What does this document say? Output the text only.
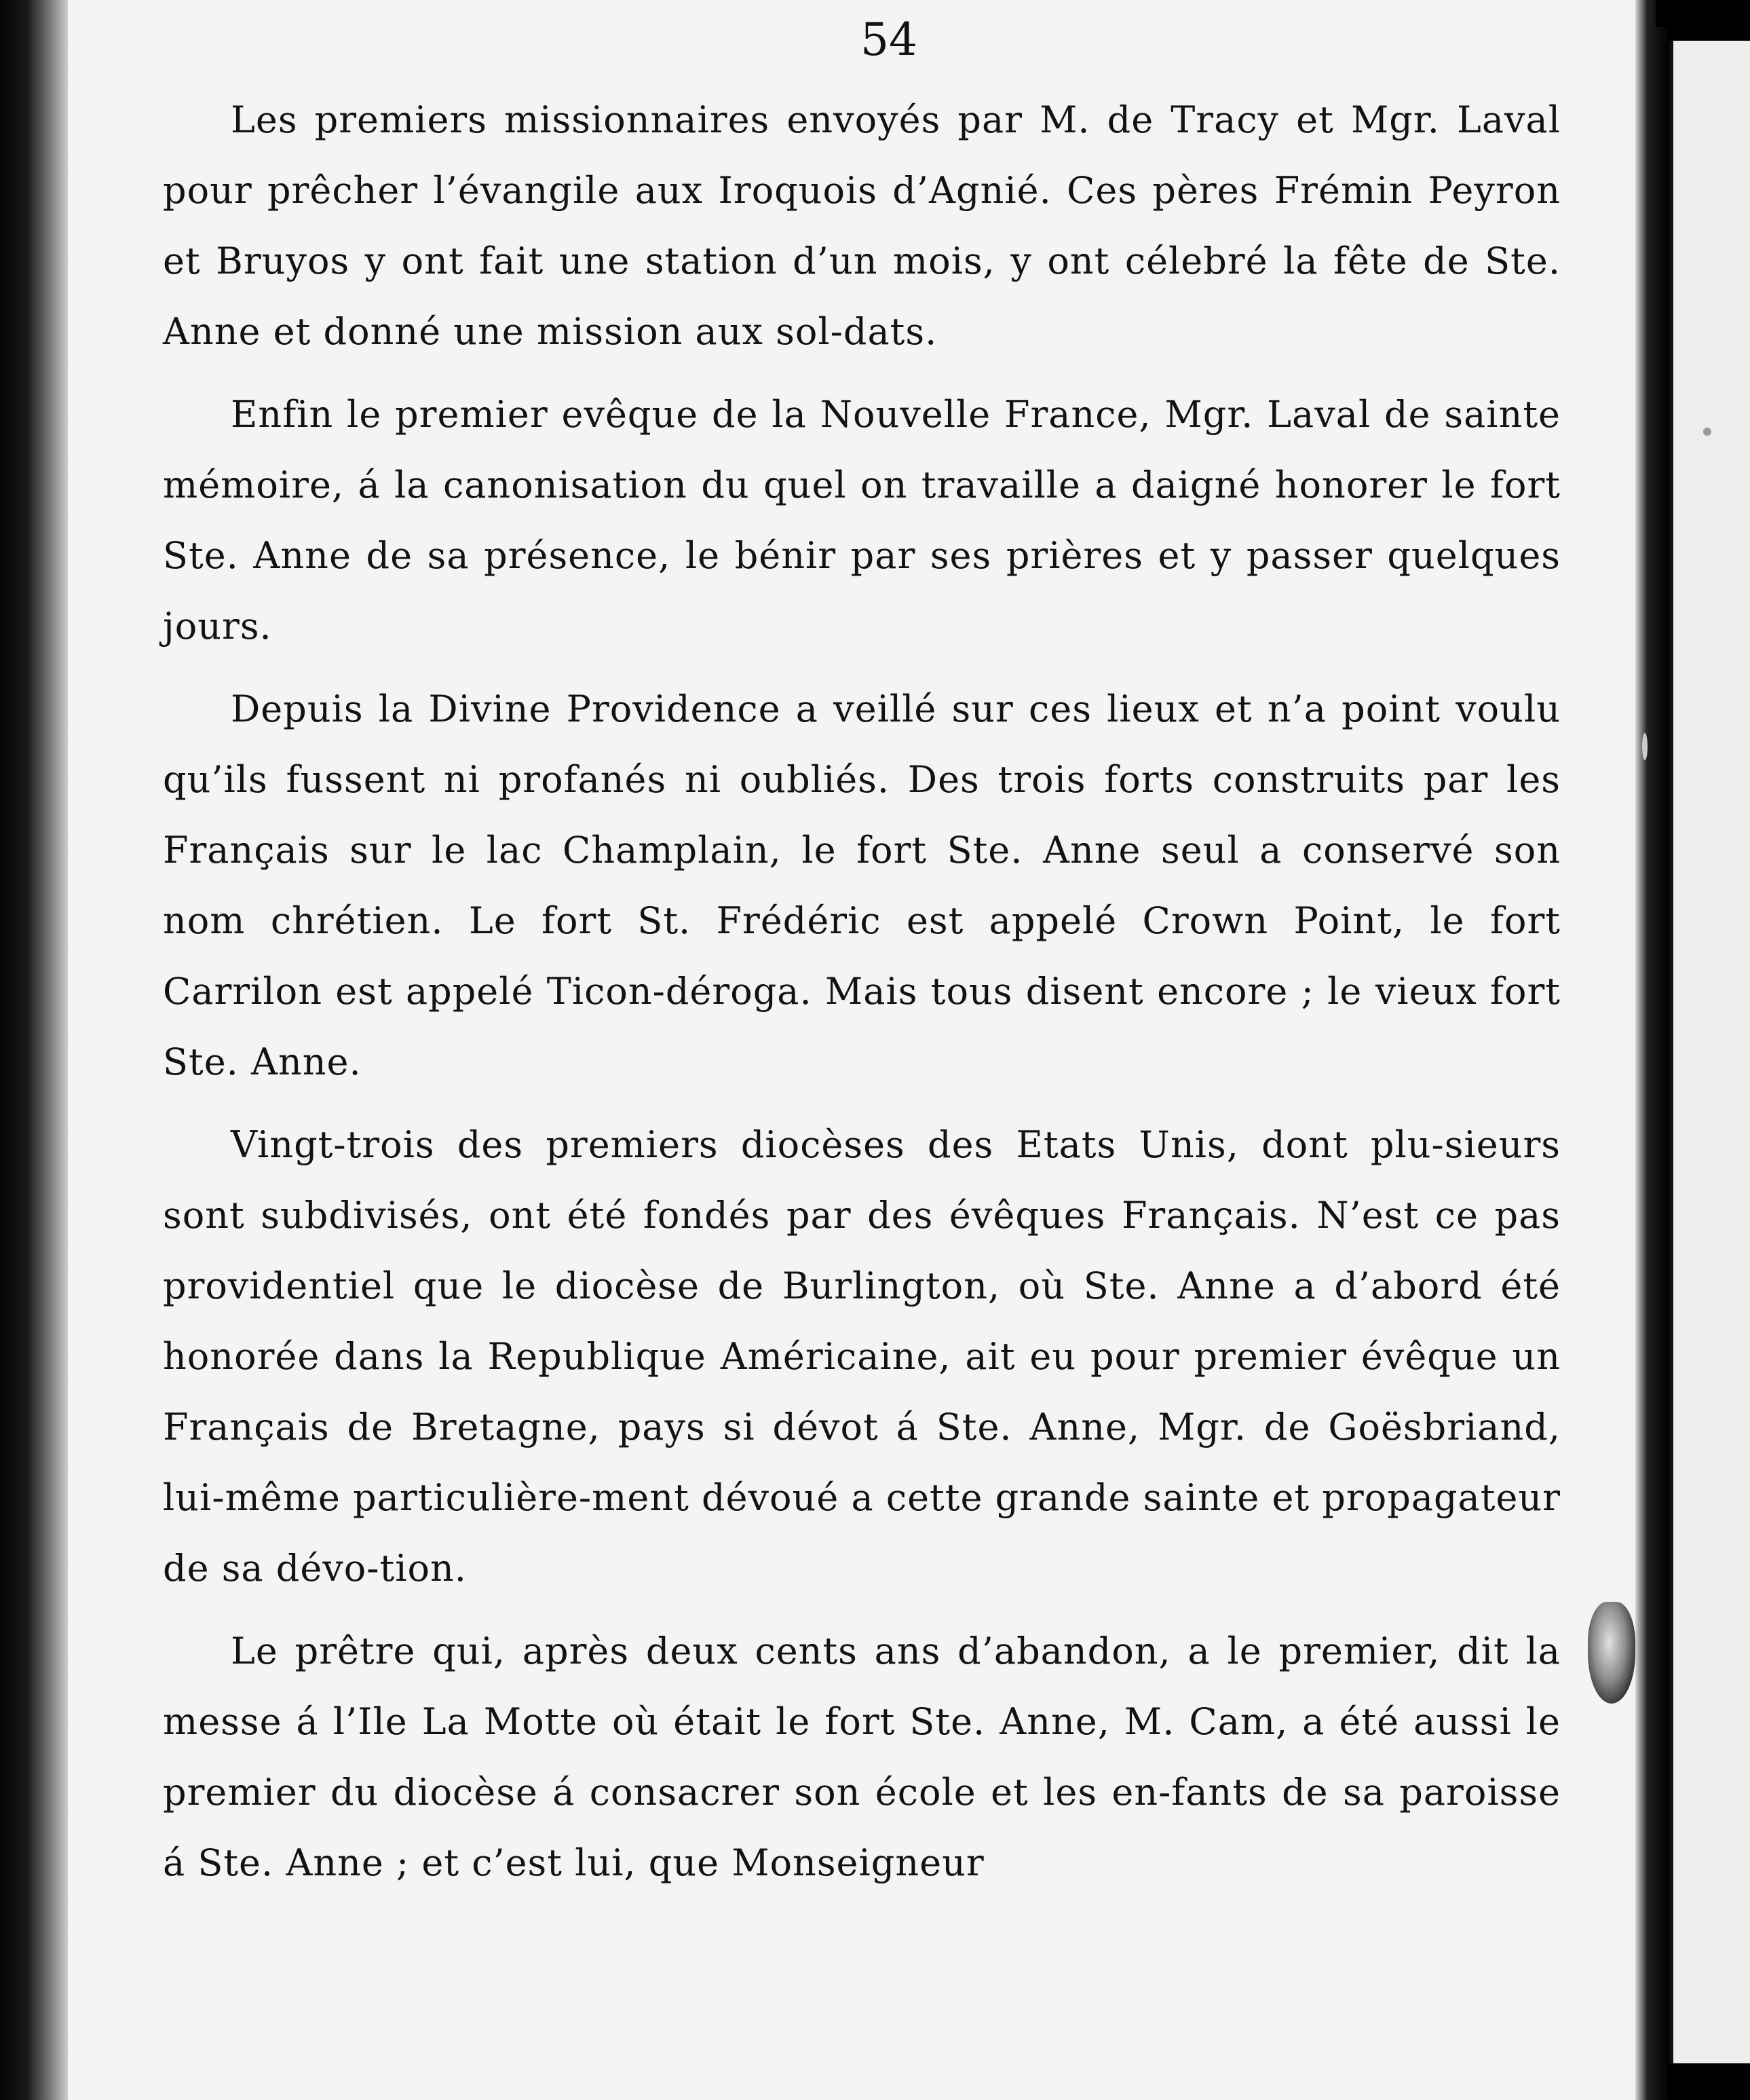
54

Les premiers missionnaires envoyés par M. de Tracy et Mgr. Laval pour prêcher l’évangile aux Iroquois d’Agnié. Ces pères Frémin Peyron et Bruyos y ont fait une station d’un mois, y ont célebré la fête de Ste. Anne et donné une mission aux sol-dats.

Enfin le premier evêque de la Nouvelle France, Mgr. Laval de sainte mémoire, á la canonisation du quel on travaille a daigné honorer le fort Ste. Anne de sa présence, le bénir par ses prières et y passer quelques jours.

Depuis la Divine Providence a veillé sur ces lieux et n’a point voulu qu’ils fussent ni profanés ni oubliés. Des trois forts construits par les Français sur le lac Champlain, le fort Ste. Anne seul a conservé son nom chrétien. Le fort St. Frédéric est appelé Crown Point, le fort Carrilon est appelé Ticon-déroga. Mais tous disent encore ; le vieux fort Ste. Anne.

Vingt-trois des premiers diocèses des Etats Unis, dont plu-sieurs sont subdivisés, ont été fondés par des évêques Français. N’est ce pas providentiel que le diocèse de Burlington, où Ste. Anne a d’abord été honorée dans la Republique Américaine, ait eu pour premier évêque un Français de Bretagne, pays si dévot á Ste. Anne, Mgr. de Goësbriand, lui-même particulière-ment dévoué a cette grande sainte et propagateur de sa dévo-tion.

Le prêtre qui, après deux cents ans d’abandon, a le premier, dit la messe á l’Ile La Motte où était le fort Ste. Anne, M. Cam, a été aussi le premier du diocèse á consacrer son école et les en-fants de sa paroisse á Ste. Anne ; et c’est lui, que Monseigneur
